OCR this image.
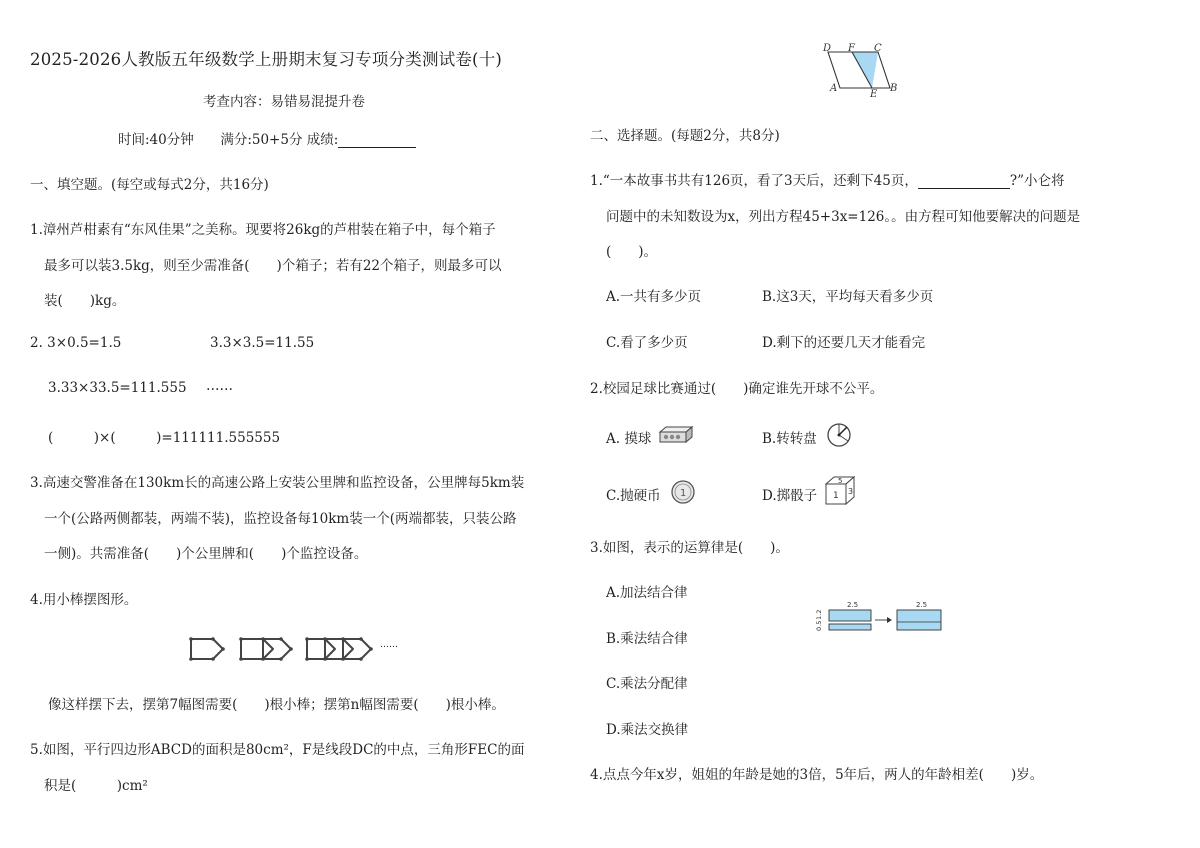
2025-2026人教版五年级数学上册期末复习专项分类测试卷(十)
考查内容：易错易混提升卷
时间:40分钟 满分:50+5分 成绩:
一、填空题。(每空或每式2分，共16分)
1.漳州芦柑素有“东风佳果”之美称。现要将26kg的芦柑装在箱子中，每个箱子
最多可以装3.5kg，则至少需准备(　　)个箱子；若有22个箱子，则最多可以
装(　　)kg。
2. 3×0.5=1.5	3.3×3.5=11.55
3.33×33.5=111.555 ……
(　　　)×(　　　)=111111.555555
3.高速交警准备在130km长的高速公路上安装公里牌和监控设备，公里牌每5km装
一个(公路两侧都装，两端不装)，监控设备每10km装一个(两端都装，只装公路
一侧)。共需准备(　　)个公里牌和(　　)个监控设备。
4.用小棒摆图形。
……
像这样摆下去，摆第7幅图需要(　　)根小棒；摆第n幅图需要(　　)根小棒。
5.如图，平行四边形ABCD的面积是80cm²，F是线段DC的中点，三角形FEC的面
积是(　　　)cm²
D F C
A
E
B
二、选择题。(每题2分，共8分)
1.“一本故事书共有126页，看了3天后，还剩下45页，	?”小仑将
问题中的未知数设为x，列出方程45+3x=126。。由方程可知他要解决的问题是
(　　)。
A.一共有多少页	B.这3天，平均每天看多少页
C.看了多少页	D.剩下的还要几天才能看完
2.校园足球比赛通过(　　)确定谁先开球不公平。
A. 摸球	B.转转盘
C.抛硬币 1	D.掷骰子
5
1 3
3.如图，表示的运算律是(　　)。
A.加法结合律
B.乘法结合律
C.乘法分配律
D.乘法交换律
2.5	2.5
0.5
1.2
4.点点今年x岁，姐姐的年龄是她的3倍，5年后，两人的年龄相差(　　)岁。
